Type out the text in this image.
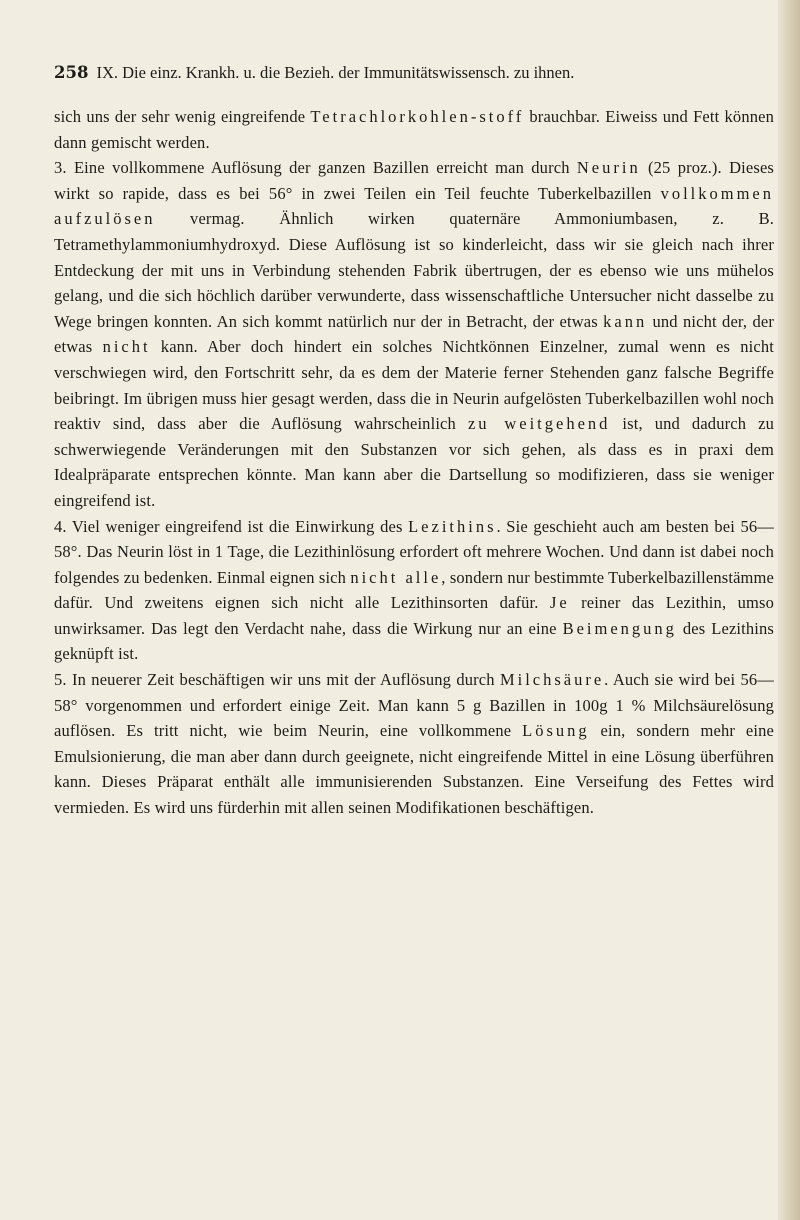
258 IX. Die einz. Krankh. u. die Bezieh. der Immunitätswissensch. zu ihnen.

sich uns der sehr wenig eingreifende Tetrachlorkohlen-stoff brauchbar. Eiweiss und Fett können dann gemischt werden.

3. Eine vollkommene Auflösung der ganzen Bazillen erreicht man durch Neurin (25 proz.). Dieses wirkt so rapide, dass es bei 56° in zwei Teilen ein Teil feuchte Tuberkelbazillen vollkommen aufzulösen vermag. Ähnlich wirken quaternäre Ammoniumbasen, z. B. Tetramethylammoniumhydroxyd. Diese Auflösung ist so kinderleicht, dass wir sie gleich nach ihrer Entdeckung der mit uns in Verbindung stehenden Fabrik übertrugen, der es ebenso wie uns mühelos gelang, und die sich höchlich darüber verwunderte, dass wissenschaftliche Untersucher nicht dasselbe zu Wege bringen konnten. An sich kommt natürlich nur der in Betracht, der etwas kann und nicht der, der etwas nicht kann. Aber doch hindert ein solches Nichtkönnen Einzelner, zumal wenn es nicht verschwiegen wird, den Fortschritt sehr, da es dem der Materie ferner Stehenden ganz falsche Begriffe beibringt. Im übrigen muss hier gesagt werden, dass die in Neurin aufgelösten Tuberkelbazillen wohl noch reaktiv sind, dass aber die Auflösung wahrscheinlich zu weitgehend ist, und dadurch zu schwerwiegende Veränderungen mit den Substanzen vor sich gehen, als dass es in praxi dem Idealpräparate entsprechen könnte. Man kann aber die Dartsellung so modifizieren, dass sie weniger eingreifend ist.

4. Viel weniger eingreifend ist die Einwirkung des Lezithins. Sie geschieht auch am besten bei 56—58°. Das Neurin löst in 1 Tage, die Lezithinlösung erfordert oft mehrere Wochen. Und dann ist dabei noch folgendes zu bedenken. Einmal eignen sich nicht alle, sondern nur bestimmte Tuberkelbazillenstämme dafür. Und zweitens eignen sich nicht alle Lezithinsorten dafür. Je reiner das Lezithin, umso unwirksamer. Das legt den Verdacht nahe, dass die Wirkung nur an eine Beimengung des Lezithins geknüpft ist.

5. In neuerer Zeit beschäftigen wir uns mit der Auflösung durch Milchsäure. Auch sie wird bei 56—58° vorgenommen und erfordert einige Zeit. Man kann 5 g Bazillen in 100g 1 % Milchsäurelösung auflösen. Es tritt nicht, wie beim Neurin, eine vollkommene Lösung ein, sondern mehr eine Emulsionierung, die man aber dann durch geeignete, nicht eingreifende Mittel in eine Lösung überführen kann. Dieses Präparat enthält alle immunisierenden Substanzen. Eine Verseifung des Fettes wird vermieden. Es wird uns fürderhin mit allen seinen Modifikationen beschäftigen.
